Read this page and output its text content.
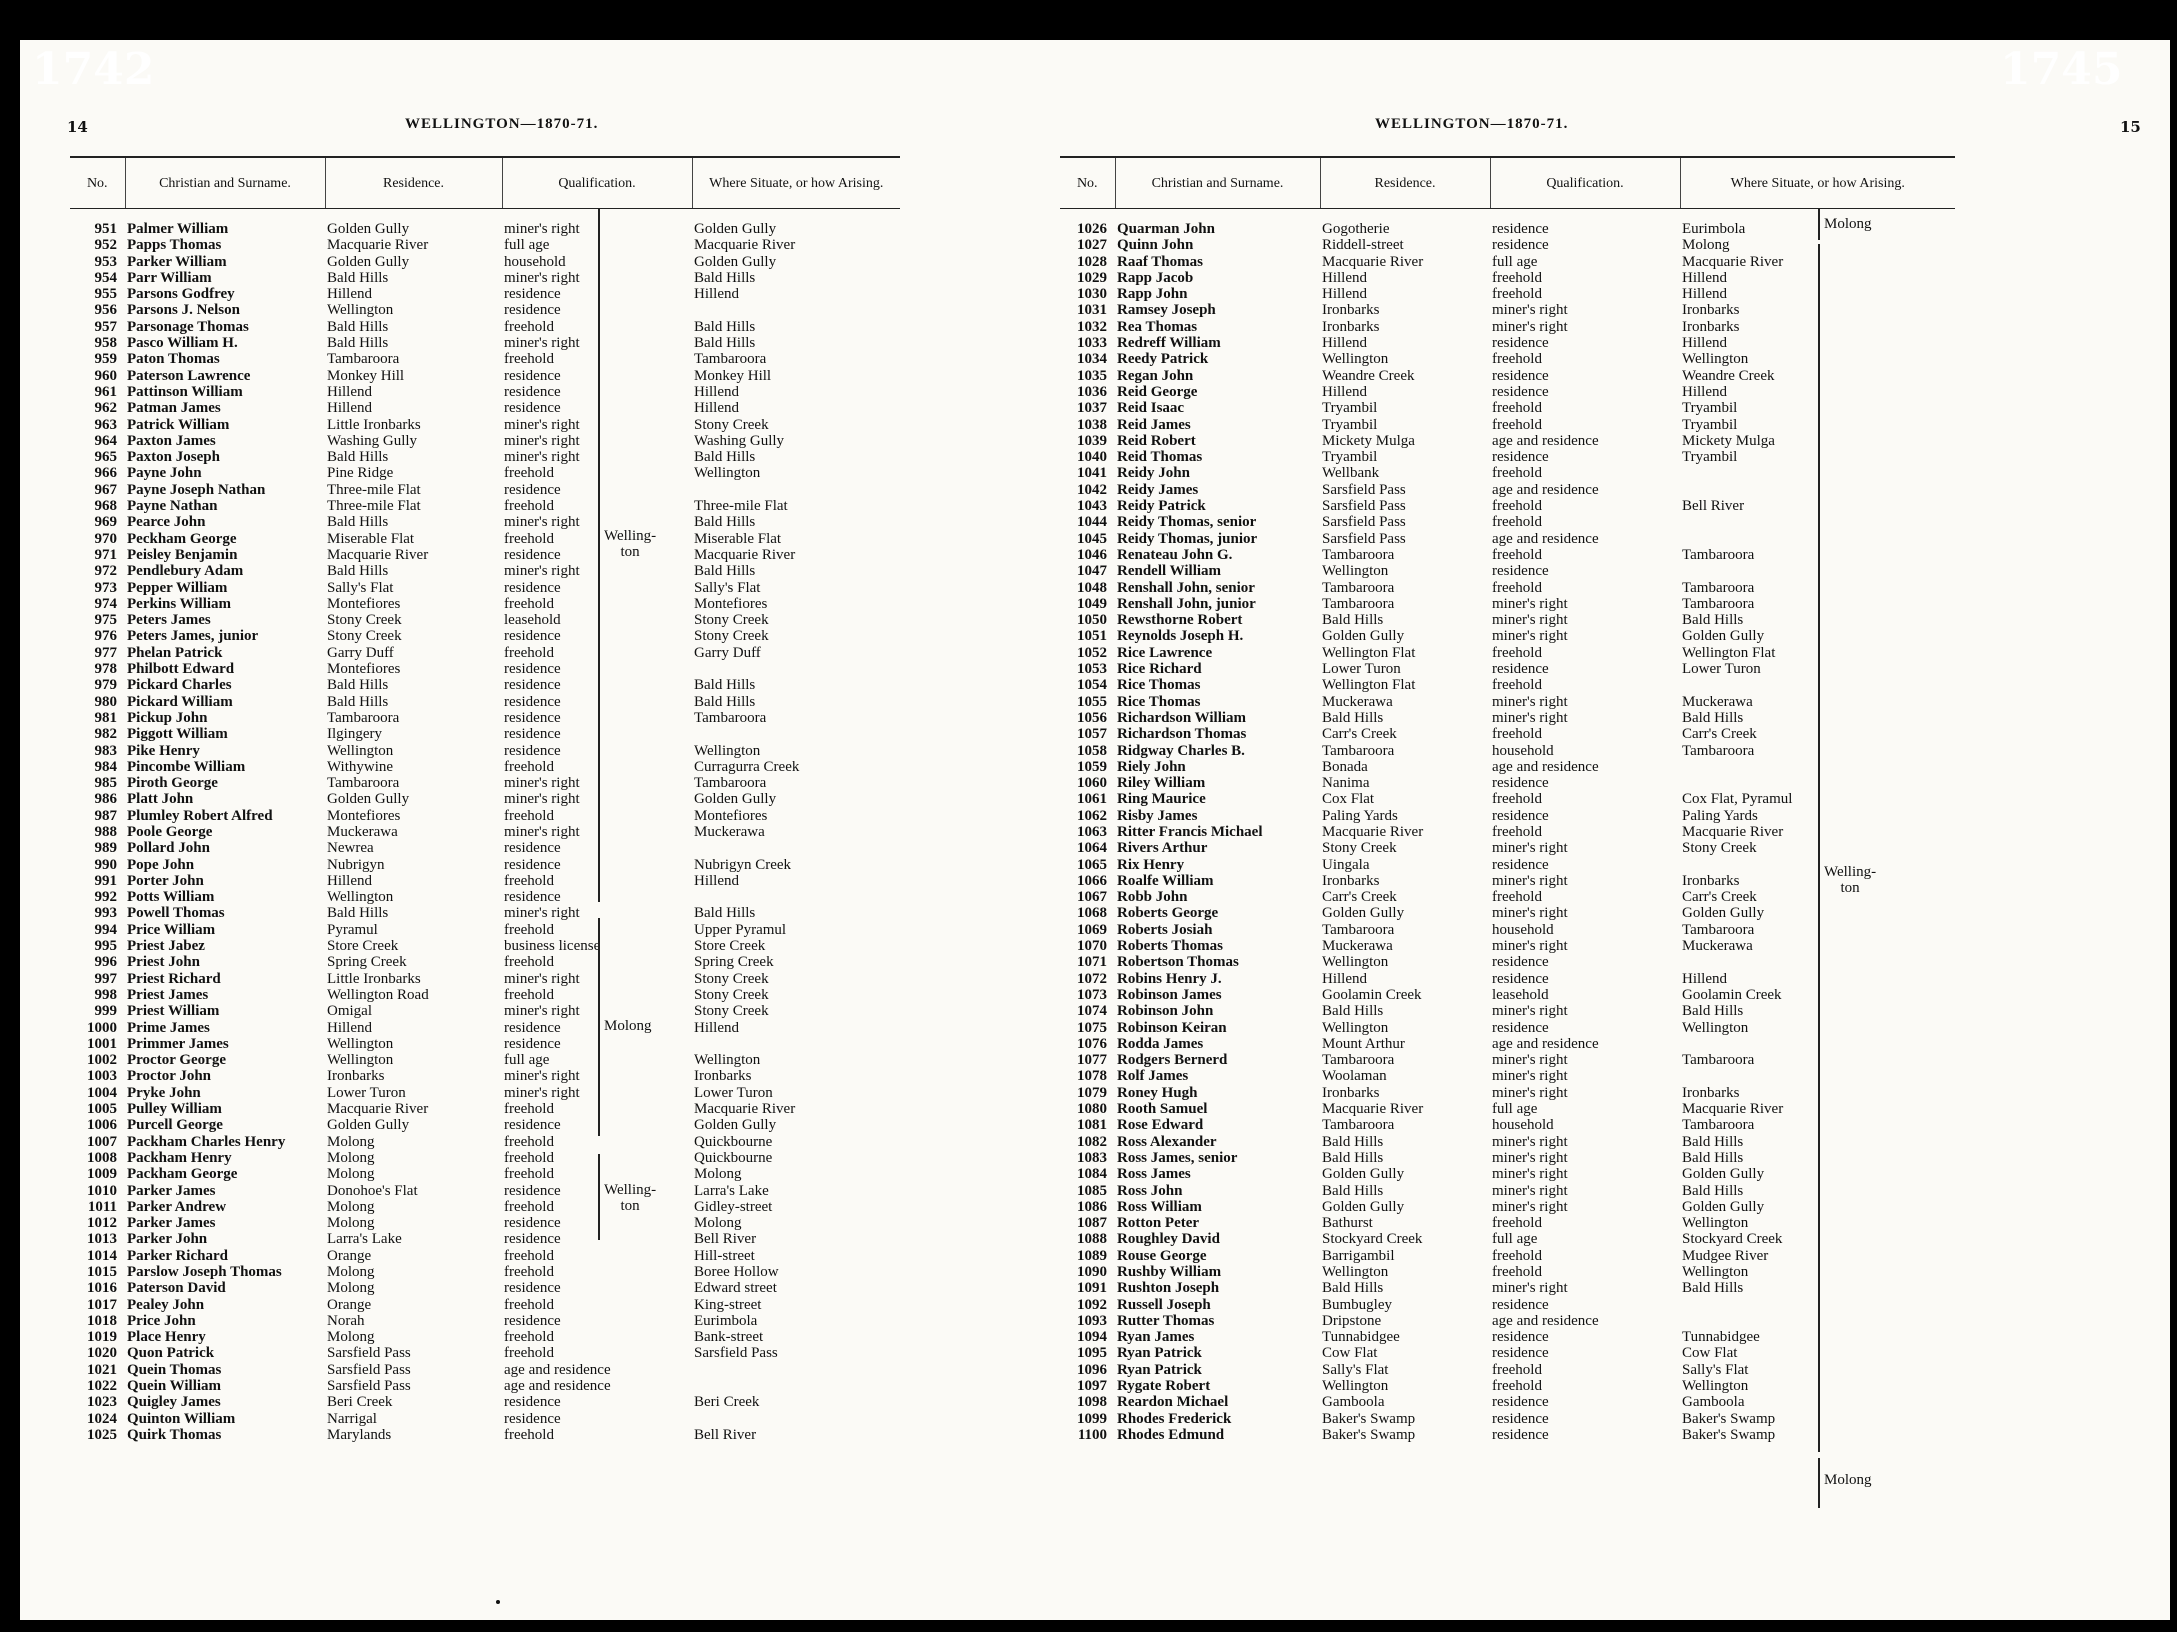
1742
14	WELLINGTON—1870-71.
No.	Christian and Surname.	Residence.	Qualification.	Where Situate, or how Arising.
951	Palmer William	Golden Gully	miner's right	Golden Gully
952	Papps Thomas	Macquarie River	full age	Macquarie River
953	Parker William	Golden Gully	household	Golden Gully
954	Parr William	Bald Hills	miner's right	Bald Hills
955	Parsons Godfrey	Hillend	residence	Hillend
956	Parsons J. Nelson	Wellington	residence	
957	Parsonage Thomas	Bald Hills	freehold	Bald Hills
958	Pasco William H.	Bald Hills	miner's right	Bald Hills
959	Paton Thomas	Tambaroora	freehold	Tambaroora
960	Paterson Lawrence	Monkey Hill	residence	Monkey Hill
961	Pattinson William	Hillend	residence	Hillend
962	Patman James	Hillend	residence	Hillend
963	Patrick William	Little Ironbarks	miner's right	Stony Creek
964	Paxton James	Washing Gully	miner's right	Washing Gully
965	Paxton Joseph	Bald Hills	miner's right	Bald Hills
966	Payne John	Pine Ridge	freehold	Wellington
967	Payne Joseph Nathan	Three-mile Flat	residence	
968	Payne Nathan	Three-mile Flat	freehold	Three-mile Flat
969	Pearce John	Bald Hills	miner's right	Bald Hills
970	Peckham George	Miserable Flat	freehold	Miserable Flat
971	Peisley Benjamin	Macquarie River	residence	Macquarie River
972	Pendlebury Adam	Bald Hills	miner's right	Bald Hills
973	Pepper William	Sally's Flat	residence	Sally's Flat
974	Perkins William	Montefiores	freehold	Montefiores
975	Peters James	Stony Creek	leasehold	Stony Creek
976	Peters James, junior	Stony Creek	residence	Stony Creek
977	Phelan Patrick	Garry Duff	freehold	Garry Duff
978	Philbott Edward	Montefiores	residence	
979	Pickard Charles	Bald Hills	residence	Bald Hills
980	Pickard William	Bald Hills	residence	Bald Hills
981	Pickup John	Tambaroora	residence	Tambaroora
982	Piggott William	Ilgingery	residence	
983	Pike Henry	Wellington	residence	Wellington
984	Pincombe William	Withywine	freehold	Curragurra Creek
985	Piroth George	Tambaroora	miner's right	Tambaroora
986	Platt John	Golden Gully	miner's right	Golden Gully
987	Plumley Robert Alfred	Montefiores	freehold	Montefiores
988	Poole George	Muckerawa	miner's right	Muckerawa
989	Pollard John	Newrea	residence	
990	Pope John	Nubrigyn	residence	Nubrigyn Creek
991	Porter John	Hillend	freehold	Hillend
992	Potts William	Wellington	residence	
993	Powell Thomas	Bald Hills	miner's right	Bald Hills
994	Price William	Pyramul	freehold	Upper Pyramul
995	Priest Jabez	Store Creek	business license	Store Creek
996	Priest John	Spring Creek	freehold	Spring Creek
997	Priest Richard	Little Ironbarks	miner's right	Stony Creek
998	Priest James	Wellington Road	freehold	Stony Creek
999	Priest William	Omigal	miner's right	Stony Creek
1000	Prime James	Hillend	residence	Hillend
1001	Primmer James	Wellington	residence	
1002	Proctor George	Wellington	full age	Wellington
1003	Proctor John	Ironbarks	miner's right	Ironbarks
1004	Pryke John	Lower Turon	miner's right	Lower Turon
1005	Pulley William	Macquarie River	freehold	Macquarie River
1006	Purcell George	Golden Gully	residence	Golden Gully
1007	Packham Charles Henry	Molong	freehold	Quickbourne
1008	Packham Henry	Molong	freehold	Quickbourne
1009	Packham George	Molong	freehold	Molong
1010	Parker James	Donohoe's Flat	residence	Larra's Lake
1011	Parker Andrew	Molong	freehold	Gidley-street
1012	Parker James	Molong	residence	Molong
1013	Parker John	Larra's Lake	residence	Bell River
1014	Parker Richard	Orange	freehold	Hill-street
1015	Parslow Joseph Thomas	Molong	freehold	Boree Hollow
1016	Paterson David	Molong	residence	Edward street
1017	Pealey John	Orange	freehold	King-street
1018	Price John	Norah	residence	Eurimbola
1019	Place Henry	Molong	freehold	Bank-street
1020	Quon Patrick	Sarsfield Pass	freehold	Sarsfield Pass
1021	Quein Thomas	Sarsfield Pass	age and residence	
1022	Quein William	Sarsfield Pass	age and residence	
1023	Quigley James	Beri Creek	residence	Beri Creek
1024	Quinton William	Narrigal	residence	
1025	Quirk Thomas	Marylands	freehold	Bell River
Welling-
ton
Molong
Welling-
ton
1745
WELLINGTON—1870-71.	15
No.	Christian and Surname.	Residence.	Qualification.	Where Situate, or how Arising.
1026	Quarman John	Gogotherie	residence	Eurimbola
1027	Quinn John	Riddell-street	residence	Molong
1028	Raaf Thomas	Macquarie River	full age	Macquarie River
1029	Rapp Jacob	Hillend	freehold	Hillend
1030	Rapp John	Hillend	freehold	Hillend
1031	Ramsey Joseph	Ironbarks	miner's right	Ironbarks
1032	Rea Thomas	Ironbarks	miner's right	Ironbarks
1033	Redreff William	Hillend	residence	Hillend
1034	Reedy Patrick	Wellington	freehold	Wellington
1035	Regan John	Weandre Creek	residence	Weandre Creek
1036	Reid George	Hillend	residence	Hillend
1037	Reid Isaac	Tryambil	freehold	Tryambil
1038	Reid James	Tryambil	freehold	Tryambil
1039	Reid Robert	Mickety Mulga	age and residence	Mickety Mulga
1040	Reid Thomas	Tryambil	residence	Tryambil
1041	Reidy John	Wellbank	freehold	
1042	Reidy James	Sarsfield Pass	age and residence	
1043	Reidy Patrick	Sarsfield Pass	freehold	Bell River
1044	Reidy Thomas, senior	Sarsfield Pass	freehold	
1045	Reidy Thomas, junior	Sarsfield Pass	age and residence	
1046	Renateau John G.	Tambaroora	freehold	Tambaroora
1047	Rendell William	Wellington	residence	
1048	Renshall John, senior	Tambaroora	freehold	Tambaroora
1049	Renshall John, junior	Tambaroora	miner's right	Tambaroora
1050	Rewsthorne Robert	Bald Hills	miner's right	Bald Hills
1051	Reynolds Joseph H.	Golden Gully	miner's right	Golden Gully
1052	Rice Lawrence	Wellington Flat	freehold	Wellington Flat
1053	Rice Richard	Lower Turon	residence	Lower Turon
1054	Rice Thomas	Wellington Flat	freehold	
1055	Rice Thomas	Muckerawa	miner's right	Muckerawa
1056	Richardson William	Bald Hills	miner's right	Bald Hills
1057	Richardson Thomas	Carr's Creek	freehold	Carr's Creek
1058	Ridgway Charles B.	Tambaroora	household	Tambaroora
1059	Riely John	Bonada	age and residence	
1060	Riley William	Nanima	residence	
1061	Ring Maurice	Cox Flat	freehold	Cox Flat, Pyramul
1062	Risby James	Paling Yards	residence	Paling Yards
1063	Ritter Francis Michael	Macquarie River	freehold	Macquarie River
1064	Rivers Arthur	Stony Creek	miner's right	Stony Creek
1065	Rix Henry	Uingala	residence	
1066	Roalfe William	Ironbarks	miner's right	Ironbarks
1067	Robb John	Carr's Creek	freehold	Carr's Creek
1068	Roberts George	Golden Gully	miner's right	Golden Gully
1069	Roberts Josiah	Tambaroora	household	Tambaroora
1070	Roberts Thomas	Muckerawa	miner's right	Muckerawa
1071	Robertson Thomas	Wellington	residence	
1072	Robins Henry J.	Hillend	residence	Hillend
1073	Robinson James	Goolamin Creek	leasehold	Goolamin Creek
1074	Robinson John	Bald Hills	miner's right	Bald Hills
1075	Robinson Keiran	Wellington	residence	Wellington
1076	Rodda James	Mount Arthur	age and residence	
1077	Rodgers Bernerd	Tambaroora	miner's right	Tambaroora
1078	Rolf James	Woolaman	miner's right	
1079	Roney Hugh	Ironbarks	miner's right	Ironbarks
1080	Rooth Samuel	Macquarie River	full age	Macquarie River
1081	Rose Edward	Tambaroora	household	Tambaroora
1082	Ross Alexander	Bald Hills	miner's right	Bald Hills
1083	Ross James, senior	Bald Hills	miner's right	Bald Hills
1084	Ross James	Golden Gully	miner's right	Golden Gully
1085	Ross John	Bald Hills	miner's right	Bald Hills
1086	Ross William	Golden Gully	miner's right	Golden Gully
1087	Rotton Peter	Bathurst	freehold	Wellington
1088	Roughley David	Stockyard Creek	full age	Stockyard Creek
1089	Rouse George	Barrigambil	freehold	Mudgee River
1090	Rushby William	Wellington	freehold	Wellington
1091	Rushton Joseph	Bald Hills	miner's right	Bald Hills
1092	Russell Joseph	Bumbugley	residence	
1093	Rutter Thomas	Dripstone	age and residence	
1094	Ryan James	Tunnabidgee	residence	Tunnabidgee
1095	Ryan Patrick	Cow Flat	residence	Cow Flat
1096	Ryan Patrick	Sally's Flat	freehold	Sally's Flat
1097	Rygate Robert	Wellington	freehold	Wellington
1098	Reardon Michael	Gamboola	residence	Gamboola
1099	Rhodes Frederick	Baker's Swamp	residence	Baker's Swamp
1100	Rhodes Edmund	Baker's Swamp	residence	Baker's Swamp
Molong
Welling-
ton
Molong
